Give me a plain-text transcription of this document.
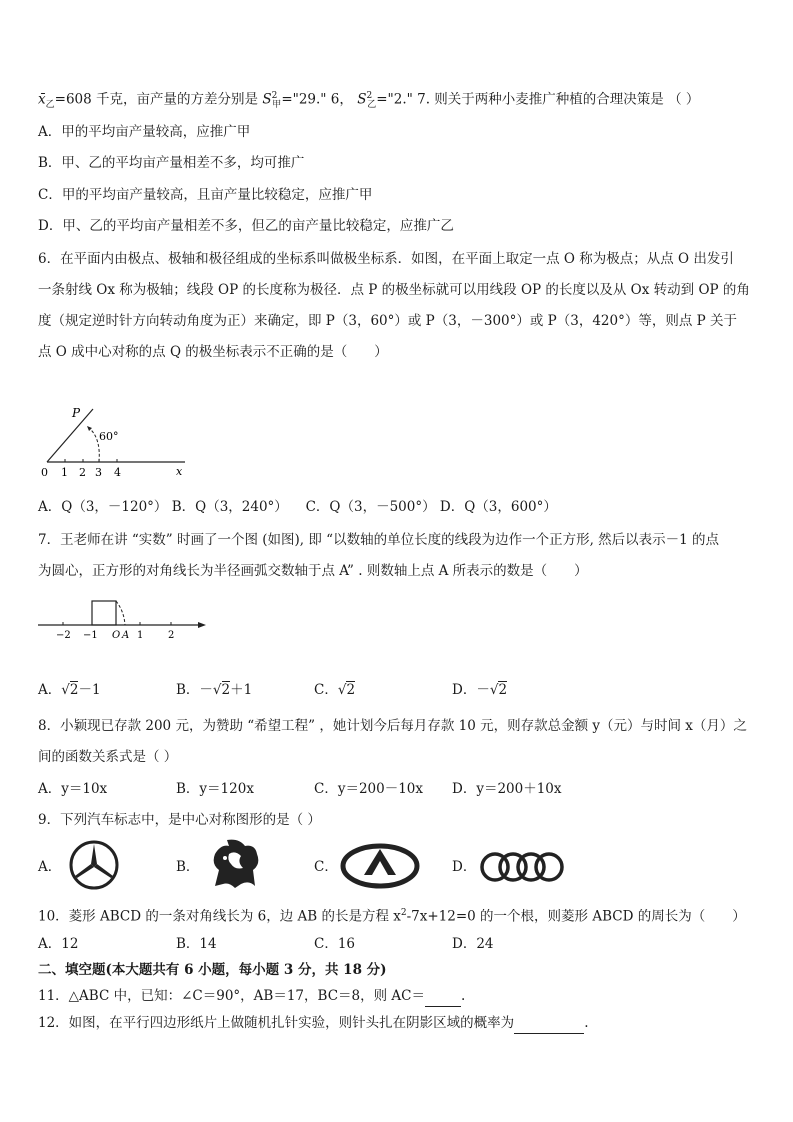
$x̄_乙=608$ 千克，亩产量的方差分别是 $S^2_甲="29$." 6， $S^2_乙="2$." 7. 则关于两种小麦推广种植的合理决策是 （ ）
A．甲的平均亩产量较高，应推广甲
B．甲、乙的平均亩产量相差不多，均可推广
C．甲的平均亩产量较高，且亩产量比较稳定，应推广甲
D．甲、乙的平均亩产量相差不多，但乙的亩产量比较稳定，应推广乙
6．在平面内由极点、极轴和极径组成的坐标系叫做极坐标系．如图，在平面上取定一点 O 称为极点；从点 O 出发引
一条射线 Ox 称为极轴；线段 OP 的长度称为极径．点 P 的极坐标就可以用线段 OP 的长度以及从 Ox 转动到 OP 的角
度（规定逆时针方向转动角度为正）来确定，即 P（3，60°）或 P（3，－300°）或 P（3，420°）等，则点 P 关于
点 O 成中心对称的点 Q 的极坐标表示不正确的是（　　）
P
60°
0 1 2 3 4	x
A．Q（3，－120°） B．Q（3，240°） 　C．Q（3，－500°） D．Q（3，600°）
7．王老师在讲 “实数” 时画了一个图 (如图), 即 “以数轴的单位长度的线段为边作一个正方形, 然后以表示－1 的点
为圆心，正方形的对角线长为半径画弧交数轴于点 A” . 则数轴上点 A 所表示的数是（　　）
−2 −1 O A 1 2
A．√2－1	B．－√2＋1	C．√2	D．－√2
8．小颖现已存款 200 元，为赞助 “希望工程” ，她计划今后每月存款 10 元，则存款总金额 y（元）与时间 x（月）之
间的函数关系式是（ ）
A．y＝10x	B．y＝120x	C．y＝200－10x D．y＝200＋10x
9．下列汽车标志中，是中心对称图形的是（ ）
A．	B．	C．	D．
10．菱形 ABCD 的一条对角线长为 6，边 AB 的长是方程 $x^2-7x+12=0$ 的一个根，则菱形 ABCD 的周长为（　　）
A．12	B．14	C．16	D．24
二、填空题(本大题共有 6 小题，每小题 3 分，共 18 分)
11．△ABC 中，已知：∠C＝90°，AB＝17，BC＝8，则 AC＝	.
12．如图，在平行四边形纸片上做随机扎针实验，则针头扎在阴影区域的概率为	.
